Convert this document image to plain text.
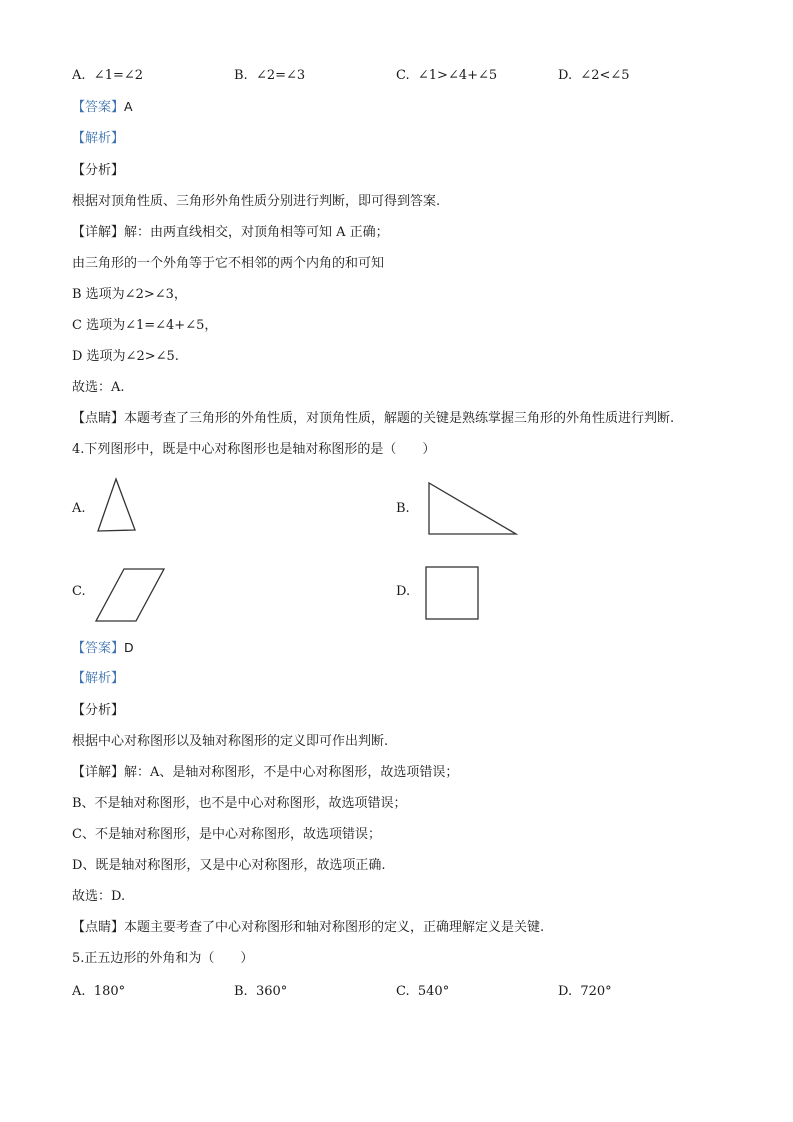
A. ∠1=∠2	B. ∠2=∠3	C. ∠1>∠4+∠5	D. ∠2<∠5
【答案】A
【解析】
【分析】
根据对顶角性质、三角形外角性质分别进行判断，即可得到答案.
【详解】解：由两直线相交，对顶角相等可知 A 正确；
由三角形的一个外角等于它不相邻的两个内角的和可知
B 选项为∠2>∠3，
C 选项为∠1=∠4+∠5，
D 选项为∠2>∠5.
故选：A.
【点睛】本题考查了三角形的外角性质，对顶角性质，解题的关键是熟练掌握三角形的外角性质进行判断.
4.下列图形中，既是中心对称图形也是轴对称图形的是（　　）
A.	B.
C.	D.
【答案】D
【解析】
【分析】
根据中心对称图形以及轴对称图形的定义即可作出判断.
【详解】解：A、是轴对称图形，不是中心对称图形，故选项错误；
B、不是轴对称图形，也不是中心对称图形，故选项错误；
C、不是轴对称图形，是中心对称图形，故选项错误；
D、既是轴对称图形，又是中心对称图形，故选项正确.
故选：D.
【点睛】本题主要考查了中心对称图形和轴对称图形的定义，正确理解定义是关键.
5.正五边形的外角和为（　　）
A. 180°	B. 360°	C. 540°	D. 720°
